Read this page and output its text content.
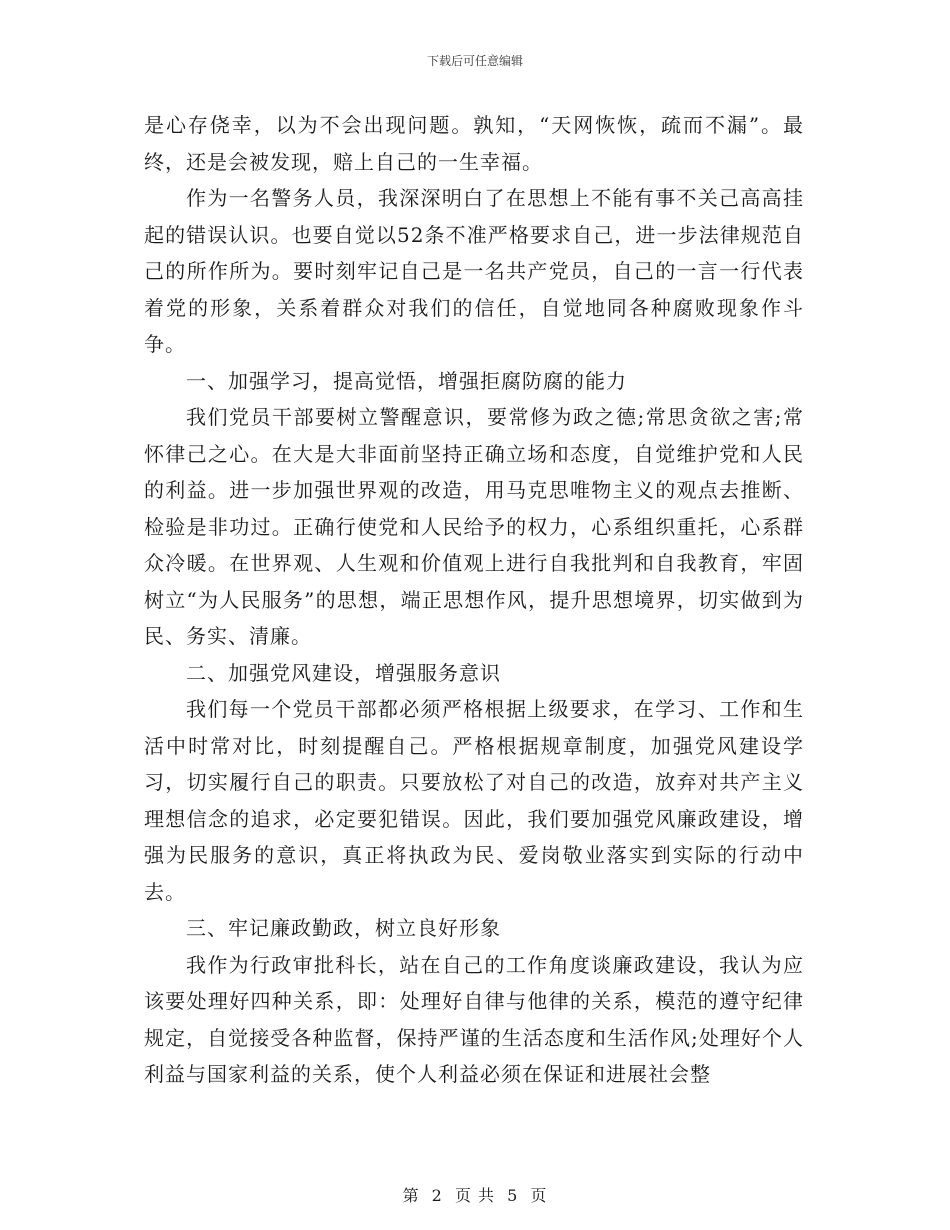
下载后可任意编辑

是心存侥幸，以为不会出现问题。孰知，“天网恢恢，疏而不漏”。最终，还是会被发现，赔上自己的一生幸福。

作为一名警务人员，我深深明白了在思想上不能有事不关己高高挂起的错误认识。也要自觉以52条不准严格要求自己，进一步法律规范自己的所作所为。要时刻牢记自己是一名共产党员，自己的一言一行代表着党的形象，关系着群众对我们的信任，自觉地同各种腐败现象作斗争。

一、加强学习，提高觉悟，增强拒腐防腐的能力

我们党员干部要树立警醒意识，要常修为政之德;常思贪欲之害;常怀律己之心。在大是大非面前坚持正确立场和态度，自觉维护党和人民的利益。进一步加强世界观的改造，用马克思唯物主义的观点去推断、检验是非功过。正确行使党和人民给予的权力，心系组织重托，心系群众冷暖。在世界观、人生观和价值观上进行自我批判和自我教育，牢固树立“为人民服务”的思想，端正思想作风，提升思想境界，切实做到为民、务实、清廉。

二、加强党风建设，增强服务意识

我们每一个党员干部都必须严格根据上级要求，在学习、工作和生活中时常对比，时刻提醒自己。严格根据规章制度，加强党风建设学习，切实履行自己的职责。只要放松了对自己的改造，放弃对共产主义理想信念的追求，必定要犯错误。因此，我们要加强党风廉政建设，增强为民服务的意识，真正将执政为民、爱岗敬业落实到实际的行动中去。

三、牢记廉政勤政，树立良好形象

我作为行政审批科长，站在自己的工作角度谈廉政建设，我认为应该要处理好四种关系，即：处理好自律与他律的关系，模范的遵守纪律规定，自觉接受各种监督，保持严谨的生活态度和生活作风;处理好个人利益与国家利益的关系，使个人利益必须在保证和进展社会整

第 2 页 共 5 页
